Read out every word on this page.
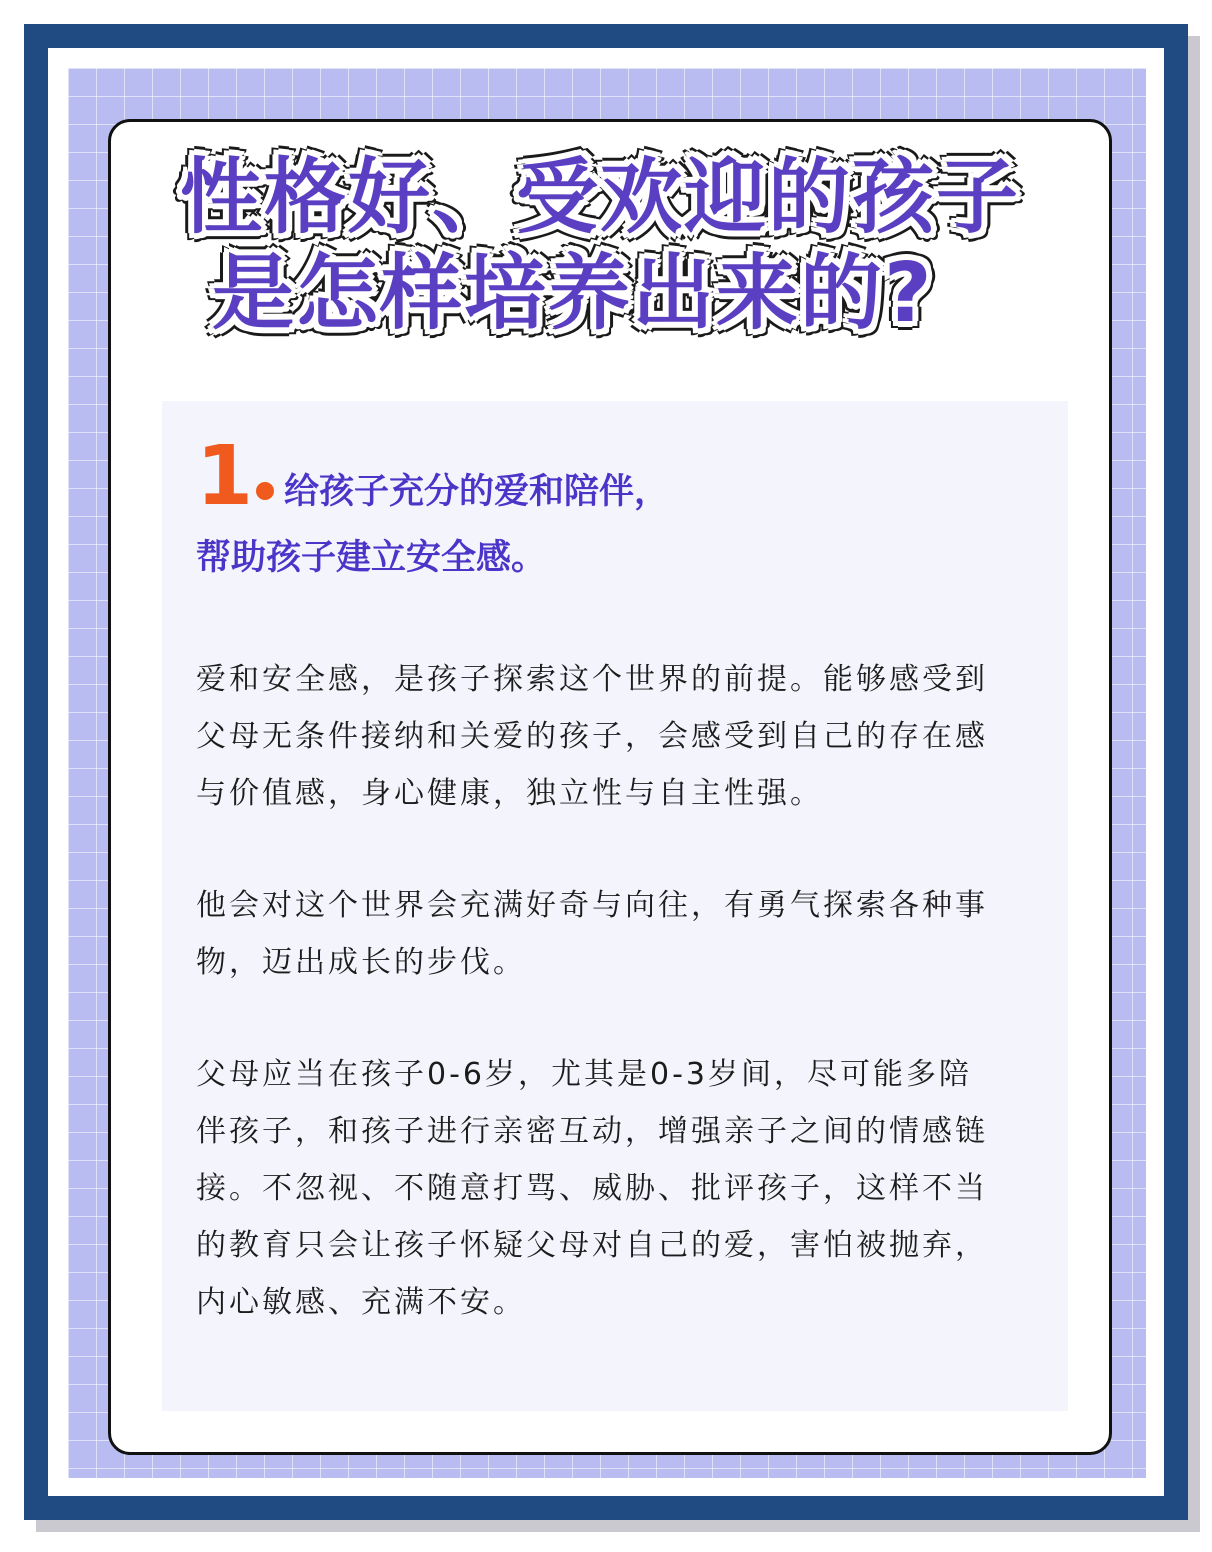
性格好、受欢迎的孩子
是怎样培养出来的?
1 给孩子充分的爱和陪伴，
帮助孩子建立安全感。

爱和安全感，是孩子探索这个世界的前提。能够感受到
父母无条件接纳和关爱的孩子，会感受到自己的存在感
与价值感，身心健康，独立性与自主性强。

他会对这个世界会充满好奇与向往，有勇气探索各种事
物，迈出成长的步伐。

父母应当在孩子0-6岁，尤其是0-3岁间，尽可能多陪
伴孩子，和孩子进行亲密互动，增强亲子之间的情感链
接。不忽视、不随意打骂、威胁、批评孩子，这样不当
的教育只会让孩子怀疑父母对自己的爱，害怕被抛弃，
内心敏感、充满不安。
